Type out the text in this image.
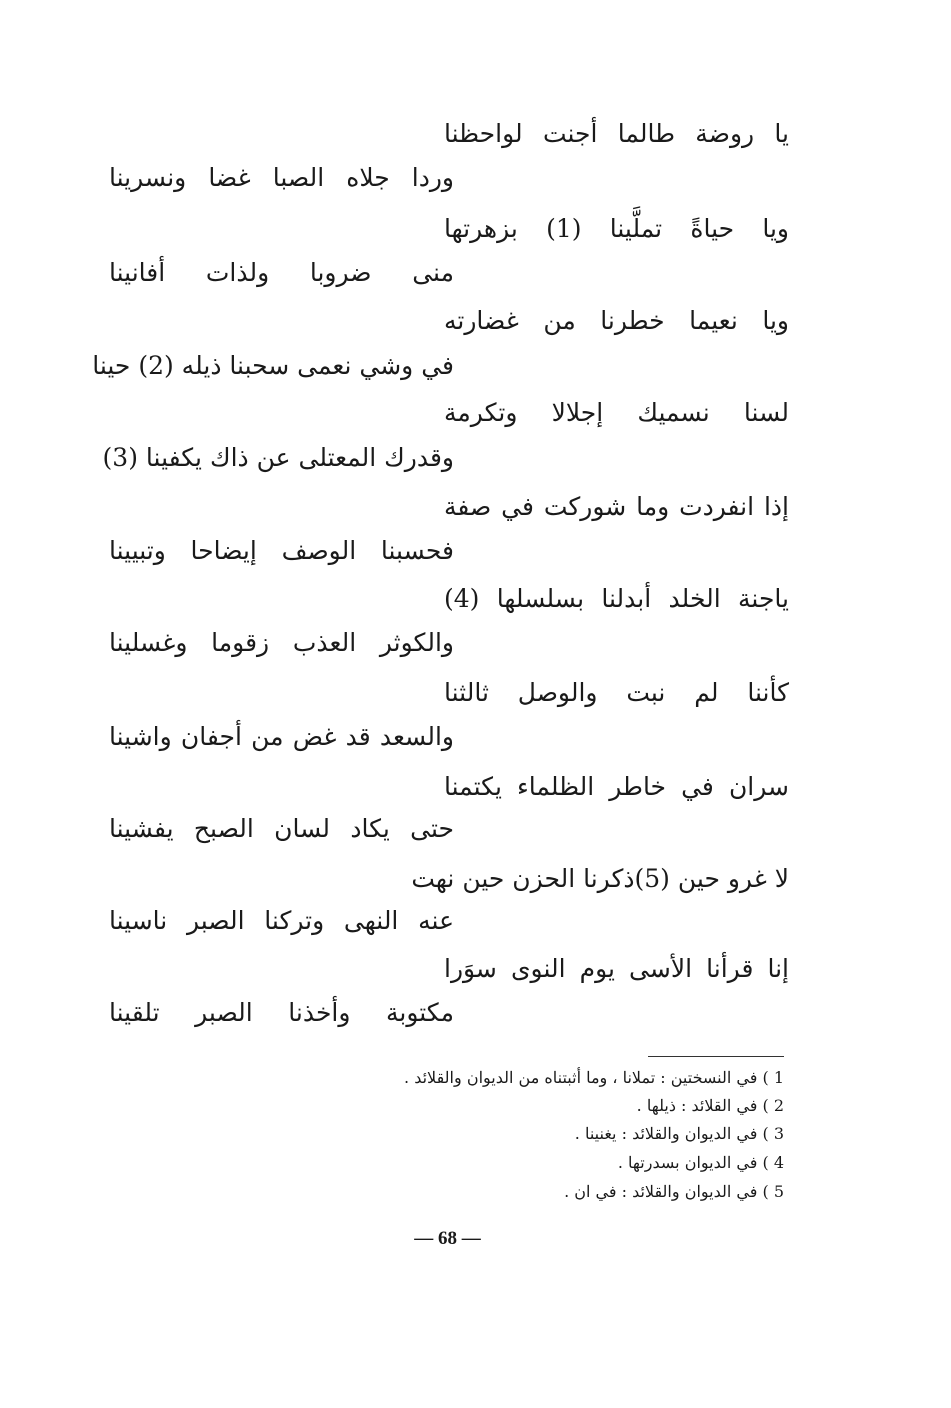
يا روضة طالما أجنت لواحظنا
وردا جلاه الصبا غضا ونسرينا
ويا حياةً تملَّينا (1) بزهرتها
منى ضروبا ولذات أفانينا
ويا نعيما خطرنا من غضارته
في وشي نعمى سحبنا ذيله (2) حينا
لسنا نسميك إجلالا وتكرمة
وقدرك المعتلى عن ذاك يكفينا (3)
إذا انفردت وما شوركت في صفة
فحسبنا الوصف إيضاحا وتبيينا
ياجنة الخلد أبدلنا بسلسلها (4)
والكوثر العذب زقوما وغسلينا
كأننا لم نبت والوصل ثالثنا
والسعد قد غض من أجفان واشينا
سران في خاطر الظلماء يكتمنا
حتى يكاد لسان الصبح يفشينا
لا غرو حين (5)ذكرنا الحزن حين نهت
عنه النهى وتركنا الصبر ناسينا
إنا قرأنا الأسى يوم النوى سوَرا
مكتوبة وأخذنا الصبر تلقينا
1 ) في النسختين : تملانا ، وما أثبتناه من الديوان والقلائد .
2 ) في القلائد : ذيلها .
3 ) في الديوان والقلائد : يغنينا .
4 ) في الديوان بسدرتها .
5 ) في الديوان والقلائد : في ان .
— 68 —
